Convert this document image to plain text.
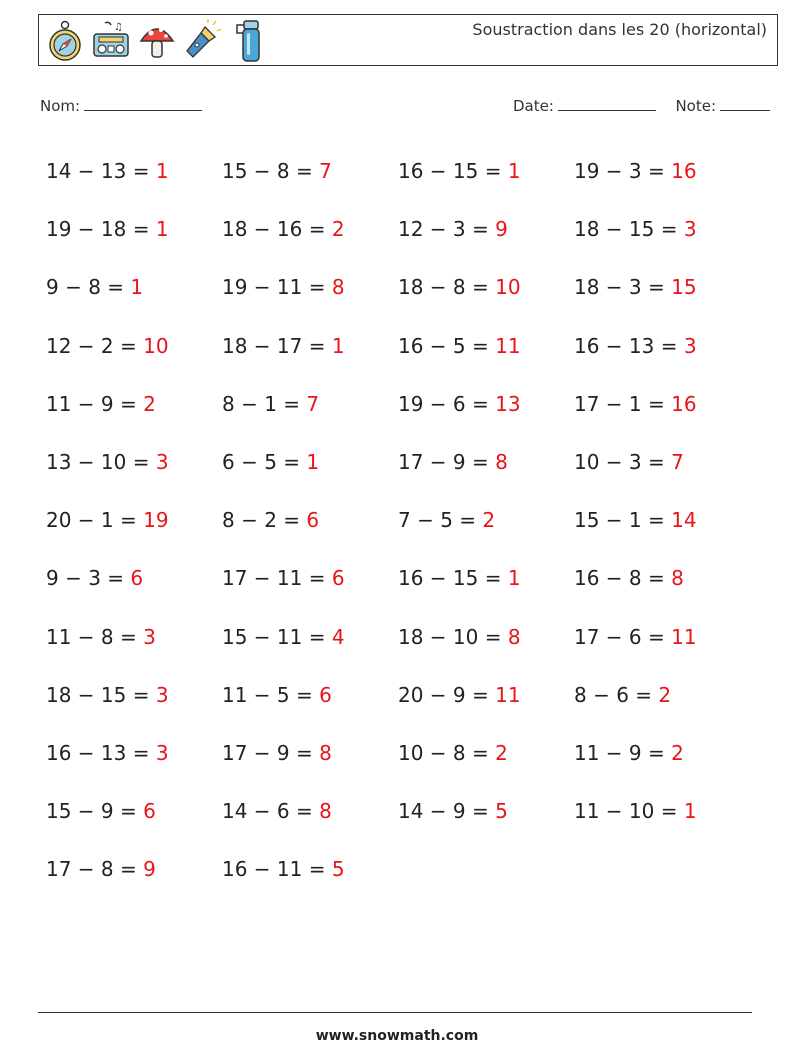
♫	Soustraction dans les 20 (horizontal)
Nom:	Date:	Note:
14 − 13 = 1	15 − 8 = 7	16 − 15 = 1	19 − 3 = 16
19 − 18 = 1	18 − 16 = 2	12 − 3 = 9	18 − 15 = 3
9 − 8 = 1	19 − 11 = 8	18 − 8 = 10	18 − 3 = 15
12 − 2 = 10	18 − 17 = 1	16 − 5 = 11	16 − 13 = 3
11 − 9 = 2	8 − 1 = 7	19 − 6 = 13	17 − 1 = 16
13 − 10 = 3	6 − 5 = 1	17 − 9 = 8	10 − 3 = 7
20 − 1 = 19	8 − 2 = 6	7 − 5 = 2	15 − 1 = 14
9 − 3 = 6	17 − 11 = 6	16 − 15 = 1	16 − 8 = 8
11 − 8 = 3	15 − 11 = 4	18 − 10 = 8	17 − 6 = 11
18 − 15 = 3	11 − 5 = 6	20 − 9 = 11	8 − 6 = 2
16 − 13 = 3	17 − 9 = 8	10 − 8 = 2	11 − 9 = 2
15 − 9 = 6	14 − 6 = 8	14 − 9 = 5	11 − 10 = 1
17 − 8 = 9	16 − 11 = 5
www.snowmath.com
